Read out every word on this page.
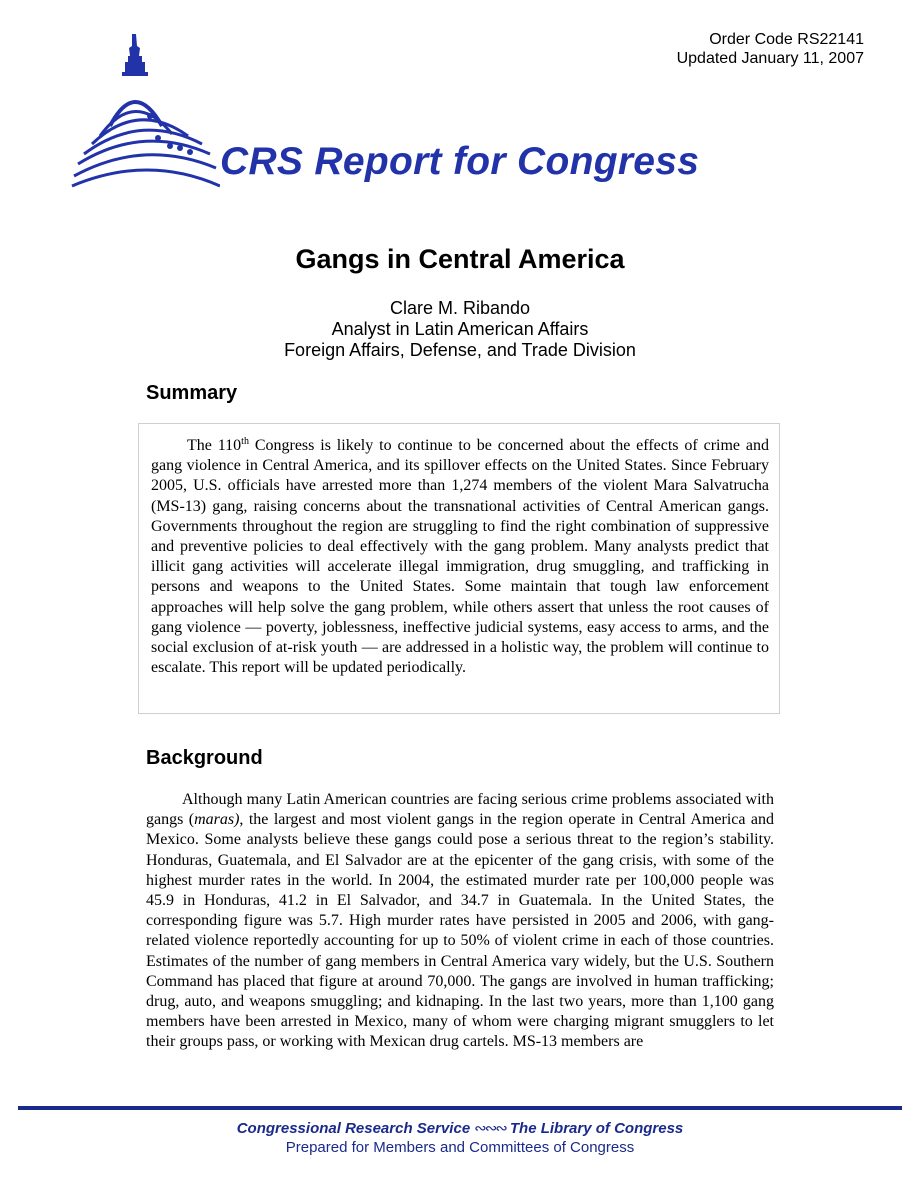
Order Code RS22141
Updated January 11, 2007
CRS Report for Congress
Gangs in Central America
Clare M. Ribando
Analyst in Latin American Affairs
Foreign Affairs, Defense, and Trade Division
Summary
The 110th Congress is likely to continue to be concerned about the effects of crime and gang violence in Central America, and its spillover effects on the United States. Since February 2005, U.S. officials have arrested more than 1,274 members of the violent Mara Salvatrucha (MS-13) gang, raising concerns about the transnational activities of Central American gangs. Governments throughout the region are struggling to find the right combination of suppressive and preventive policies to deal effectively with the gang problem. Many analysts predict that illicit gang activities will accelerate illegal immigration, drug smuggling, and trafficking in persons and weapons to the United States. Some maintain that tough law enforcement approaches will help solve the gang problem, while others assert that unless the root causes of gang violence — poverty, joblessness, ineffective judicial systems, easy access to arms, and the social exclusion of at-risk youth — are addressed in a holistic way, the problem will continue to escalate. This report will be updated periodically.
Background

Although many Latin American countries are facing serious crime problems associated with gangs (maras), the largest and most violent gangs in the region operate in Central America and Mexico. Some analysts believe these gangs could pose a serious threat to the region’s stability. Honduras, Guatemala, and El Salvador are at the epicenter of the gang crisis, with some of the highest murder rates in the world. In 2004, the estimated murder rate per 100,000 people was 45.9 in Honduras, 41.2 in El Salvador, and 34.7 in Guatemala. In the United States, the corresponding figure was 5.7. High murder rates have persisted in 2005 and 2006, with gang-related violence reportedly accounting for up to 50% of violent crime in each of those countries. Estimates of the number of gang members in Central America vary widely, but the U.S. Southern Command has placed that figure at around 70,000. The gangs are involved in human trafficking; drug, auto, and weapons smuggling; and kidnaping. In the last two years, more than 1,100 gang members have been arrested in Mexico, many of whom were charging migrant smugglers to let their groups pass, or working with Mexican drug cartels. MS-13 members are

Congressional Research Service ∾∾∾ The Library of Congress
Prepared for Members and Committees of Congress
